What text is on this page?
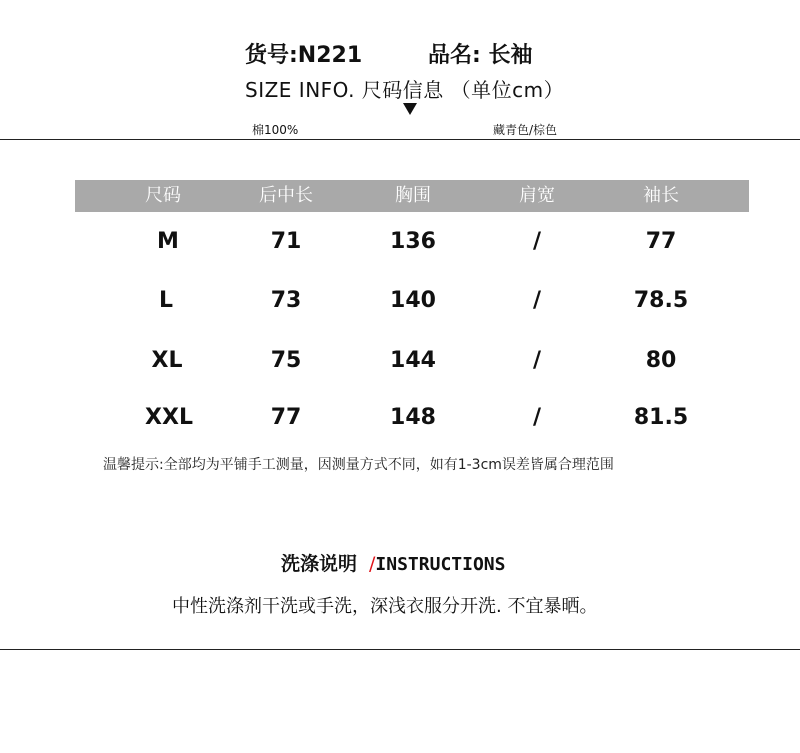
货号:N221	品名: 长袖
SIZE INFO. 尺码信息 （单位cm）
棉100%	藏青色/棕色
尺码	后中长	胸围	肩宽	袖长
M	71	136	/	77
L	73	140	/	78.5
XL	75	144	/	80
XXL	77	148	/	81.5
温馨提示:全部均为平铺手工测量，因测量方式不同，如有1-3cm误差皆属合理范围
洗涤说明 /INSTRUCTIONS
中性洗涤剂干洗或手洗，深浅衣服分开洗. 不宜暴晒。
